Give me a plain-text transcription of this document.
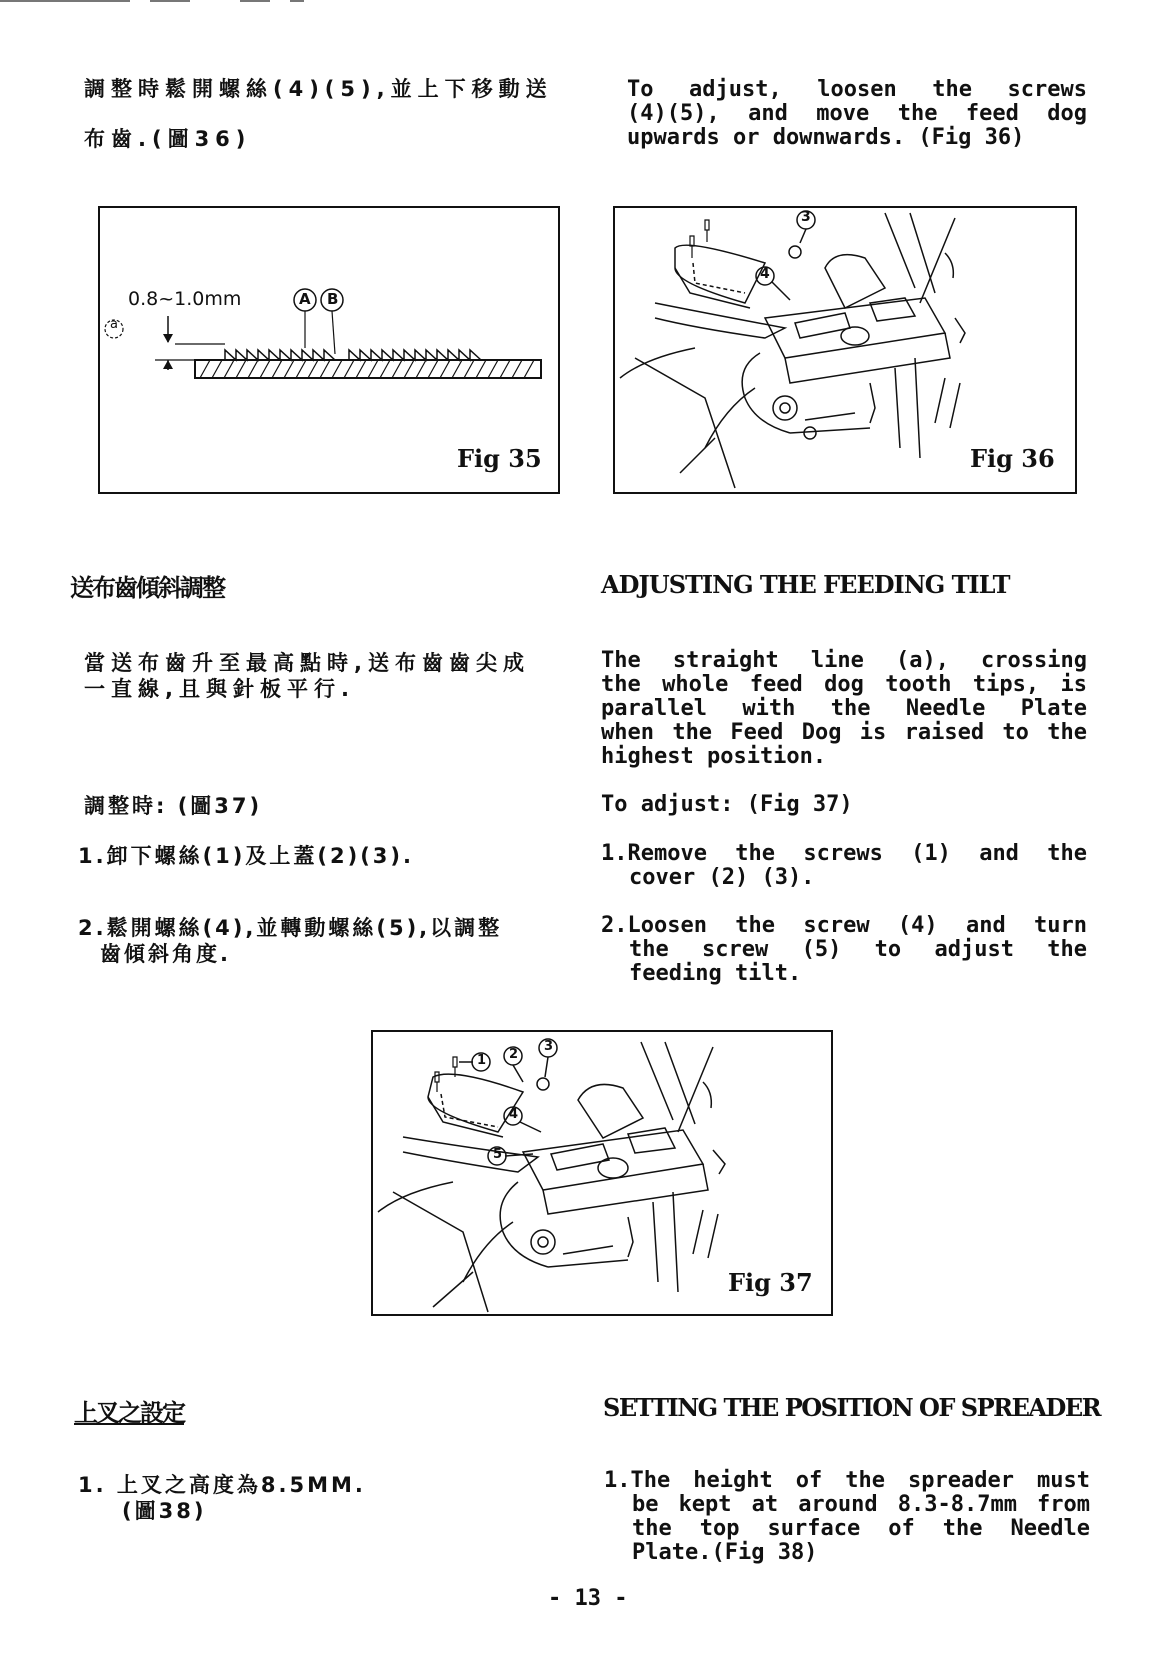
調整時鬆開螺絲(4)(5),並上下移動送
布齒.(圖36)
To adjust, loosen the screws
(4)(5), and move the feed dog
upwards or downwards. (Fig 36)
0.8~1.0mm
a
A B
Fig 35
3
4
Fig 36
送布齒傾斜調整	ADJUSTING THE FEEDING TILT
當送布齒升至最高點時,送布齒齒尖成
一直線,且與針板平行.
The straight line (a), crossing
the whole feed dog tooth tips, is
parallel with the Needle Plate
when the Feed Dog is raised to the
highest position.
調整時: (圖37)	To adjust: (Fig 37)
1.卸下螺絲(1)及上蓋(2)(3).	1.Remove the screws (1) and the
cover (2) (3).
2.鬆開螺絲(4),並轉動螺絲(5),以調整
齒傾斜角度.
2.Loosen the screw (4) and turn
the screw (5) to adjust the
feeding tilt.
1 2
3
4
5
Fig 37
上叉之設定	SETTING THE POSITION OF SPREADER
1. 上叉之高度為8.5MM.
(圖38)
1.The height of the spreader must
be kept at around 8.3-8.7mm from
the top surface of the Needle
Plate.(Fig 38)
- 13 -
